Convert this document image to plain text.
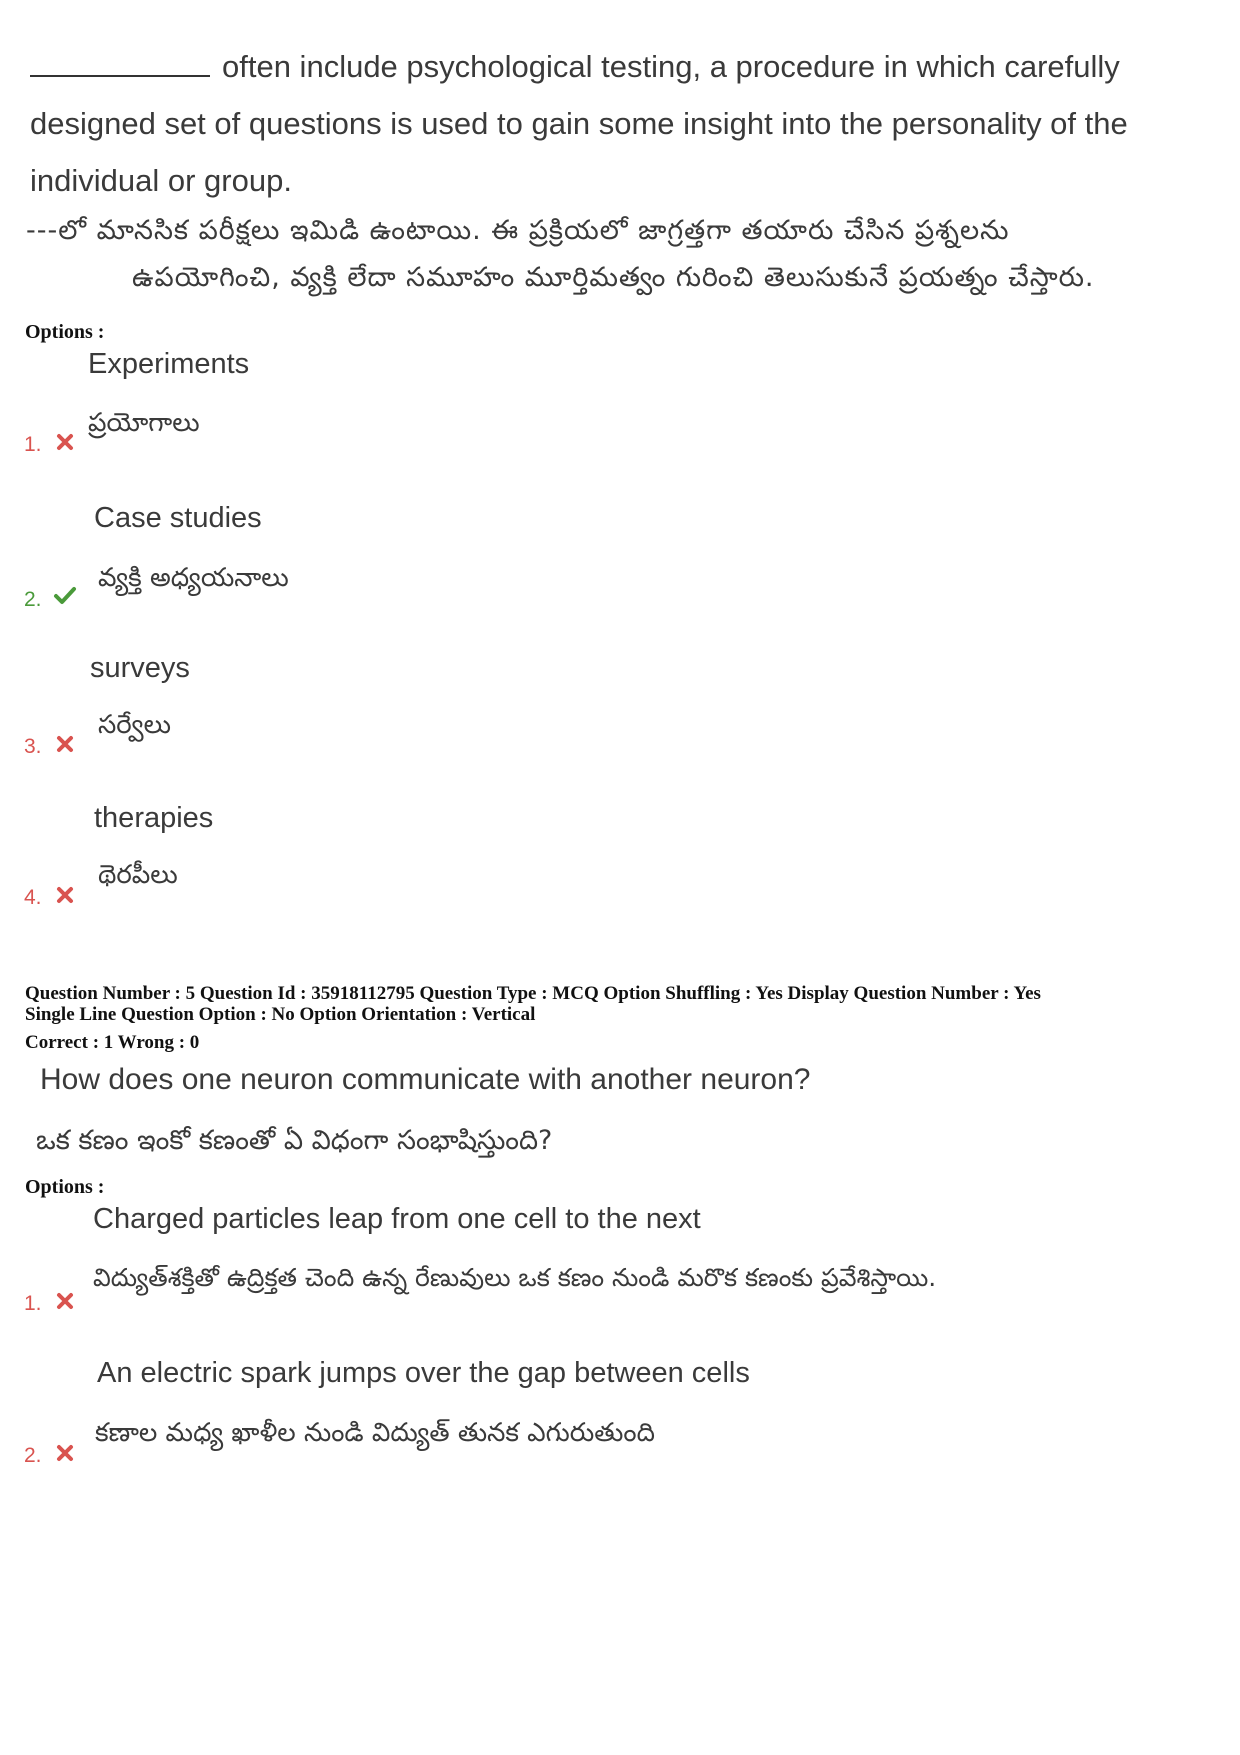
often include psychological testing, a procedure in which carefully designed set of questions is used to gain some insight into the personality of the individual or group.
---లో మానసిక పరీక్షలు ఇమిడి ఉంటాయి. ఈ ప్రక్రియలో జాగ్రత్తగా తయారు చేసిన ప్రశ్నలను
ఉపయోగించి, వ్యక్తి లేదా సమూహం మూర్తిమత్వం గురించి తెలుసుకునే ప్రయత్నం చేస్తారు.
Options :
Experiments
ప్రయోగాలు
1.
Case studies
వ్యక్తి అధ్యయనాలు
2.
surveys
సర్వేలు
3.
therapies
థెరపీలు
4.
Question Number : 5 Question Id : 35918112795 Question Type : MCQ Option Shuffling : Yes Display Question Number : Yes
Single Line Question Option : No Option Orientation : Vertical
Correct : 1 Wrong : 0
How does one neuron communicate with another neuron?
ఒక కణం ఇంకో కణంతో ఏ విధంగా సంభాషిస్తుంది?
Options :
Charged particles leap from one cell to the next
విద్యుత్‌శక్తితో ఉద్రిక్తత చెంది ఉన్న రేణువులు ఒక కణం నుండి మరొక కణంకు ప్రవేశిస్తాయి.
1.
An electric spark jumps over the gap between cells
కణాల మధ్య ఖాళీల నుండి విద్యుత్ తునక ఎగురుతుంది
2.
